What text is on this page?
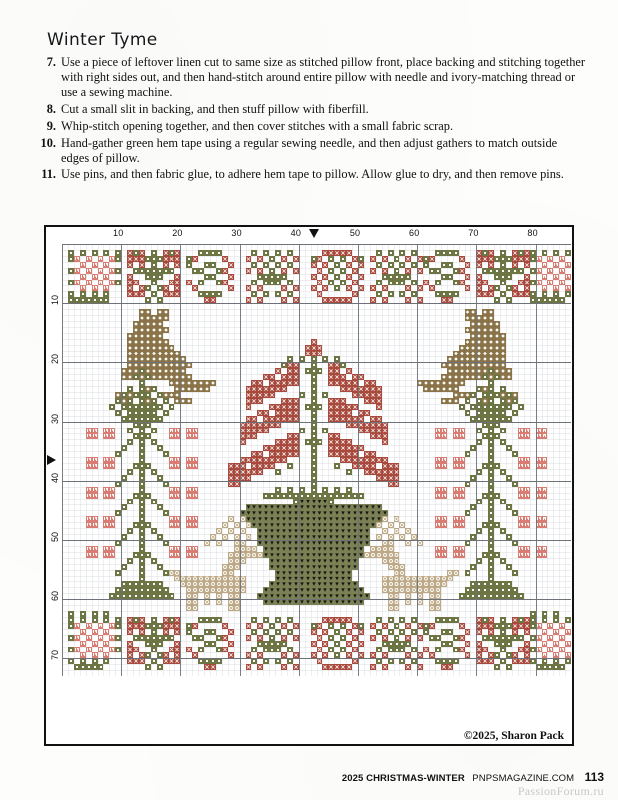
Winter Tyme
7. Use a piece of leftover linen cut to same size as stitched pillow front, place backing and stitching together with right sides out, and then hand-stitch around entire pillow with needle and ivory-matching thread or use a sewing machine.
8. Cut a small slit in backing, and then stuff pillow with fiberfill.
9. Whip-stitch opening together, and then cover stitches with a small fabric scrap.
10. Hand-gather green hem tape using a regular sewing needle, and then adjust gathers to match outside edges of pillow.
11. Use pins, and then fabric glue, to adhere hem tape to pillow. Allow glue to dry, and then remove pins.
10	20	30	40	50	60	70	80
10
20
30
40
50
60
70
©2025, Sharon Pack
2025 CHRISTMAS-WINTER PNPSMAGAZINE.COM 113
PassionForum.ru
